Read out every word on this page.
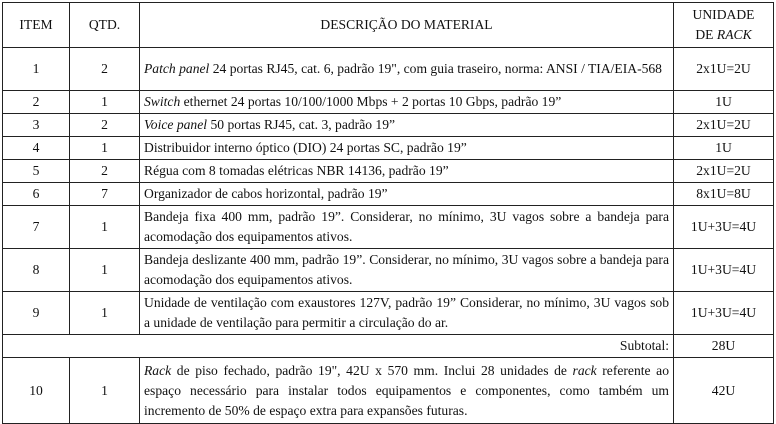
ITEM	QTD.	DESCRIÇÃO DO MATERIAL	UNIDADE
DE RACK
1	2	Patch panel 24 portas RJ45, cat. 6, padrão 19", com guia traseiro, norma: ANSI / TIA/EIA-568	2x1U=2U
2	1	Switch ethernet 24 portas 10/100/1000 Mbps + 2 portas 10 Gbps, padrão 19”	1U
3	2	Voice panel 50 portas RJ45, cat. 3, padrão 19”	2x1U=2U
4	1	Distribuidor interno óptico (DIO) 24 portas SC, padrão 19”	1U
5	2	Régua com 8 tomadas elétricas NBR 14136, padrão 19”	2x1U=2U
6	7	Organizador de cabos horizontal, padrão 19”	8x1U=8U
7	1	Bandeja fixa 400 mm, padrão 19”. Considerar, no mínimo, 3U vagos sobre a bandeja para acomodação dos equipamentos ativos.	1U+3U=4U
8	1	Bandeja deslizante 400 mm, padrão 19”. Considerar, no mínimo, 3U vagos sobre a bandeja para acomodação dos equipamentos ativos.	1U+3U=4U
9	1	Unidade de ventilação com exaustores 127V, padrão 19” Considerar, no mínimo, 3U vagos sob a unidade de ventilação para permitir a circulação do ar.	1U+3U=4U
Subtotal:			28U
10	1	Rack de piso fechado, padrão 19", 42U x 570 mm. Inclui 28 unidades de rack referente ao espaço necessário para instalar todos equipamentos e componentes, como também um incremento de 50% de espaço extra para expansões futuras.	42U
